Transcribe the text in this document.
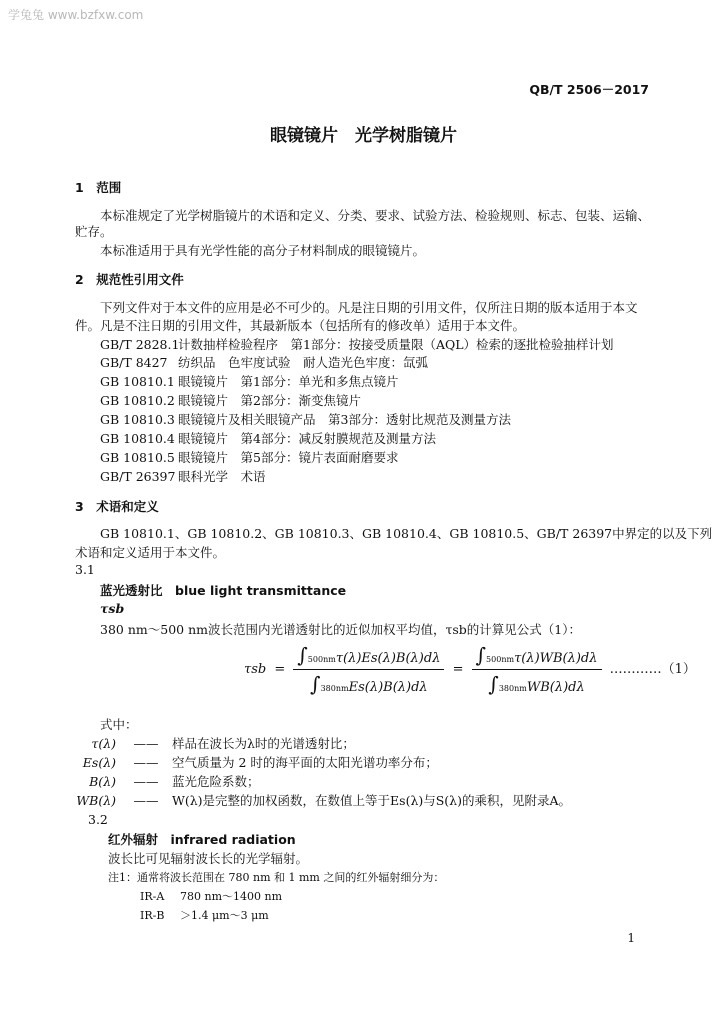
学兔兔 www.bzfxw.com
QB/T 2506－2017
眼镜镜片　光学树脂镜片
1　范围
本标准规定了光学树脂镜片的术语和定义、分类、要求、试验方法、检验规则、标志、包装、运输、
贮存。
本标准适用于具有光学性能的高分子材料制成的眼镜镜片。
2　规范性引用文件
下列文件对于本文件的应用是必不可少的。凡是注日期的引用文件，仅所注日期的版本适用于本文
件。凡是不注日期的引用文件，其最新版本（包括所有的修改单）适用于本文件。
GB/T 2828.1计数抽样检验程序　第1部分：按接受质量限（AQL）检索的逐批检验抽样计划
GB/T 8427 纺织品　色牢度试验　耐人造光色牢度：氙弧
GB 10810.1 眼镜镜片　第1部分：单光和多焦点镜片
GB 10810.2 眼镜镜片　第2部分：渐变焦镜片
GB 10810.3 眼镜镜片及相关眼镜产品　第3部分：透射比规范及测量方法
GB 10810.4 眼镜镜片　第4部分：减反射膜规范及测量方法
GB 10810.5 眼镜镜片　第5部分：镜片表面耐磨要求
GB/T 26397 眼科光学　术语
3　术语和定义
GB 10810.1、GB 10810.2、GB 10810.3、GB 10810.4、GB 10810.5、GB/T 26397中界定的以及下列
术语和定义适用于本文件。
3.1
蓝光透射比　blue light transmittance
τsb
380 nm～500 nm波长范围内光谱透射比的近似加权平均值，τsb的计算见公式（1）：
$\tau sb = \frac{\text{∫500nmτ(λ)Es(λ)B(λ)dλ}}{\text{∫380nmEs(λ)B(λ)dλ}} = \frac{\text{∫500nmτ(λ)WB(λ)dλ}}{\text{∫380nmWB(λ)dλ}}$ …………（1）
式中：
τ(λ) —— 样品在波长为λ时的光谱透射比；
Es(λ) —— 空气质量为 2 时的海平面的太阳光谱功率分布；
B(λ) —— 蓝光危险系数；
WB(λ) —— W(λ)是完整的加权函数，在数值上等于Es(λ)与S(λ)的乘积，见附录A。
3.2
红外辐射　infrared radiation
波长比可见辐射波长长的光学辐射。
注1：通常将波长范围在 780 nm 和 1 mm 之间的红外辐射细分为：
IR-A 780 nm～1400 nm
IR-B ＞1.4 μm～3 μm
1
